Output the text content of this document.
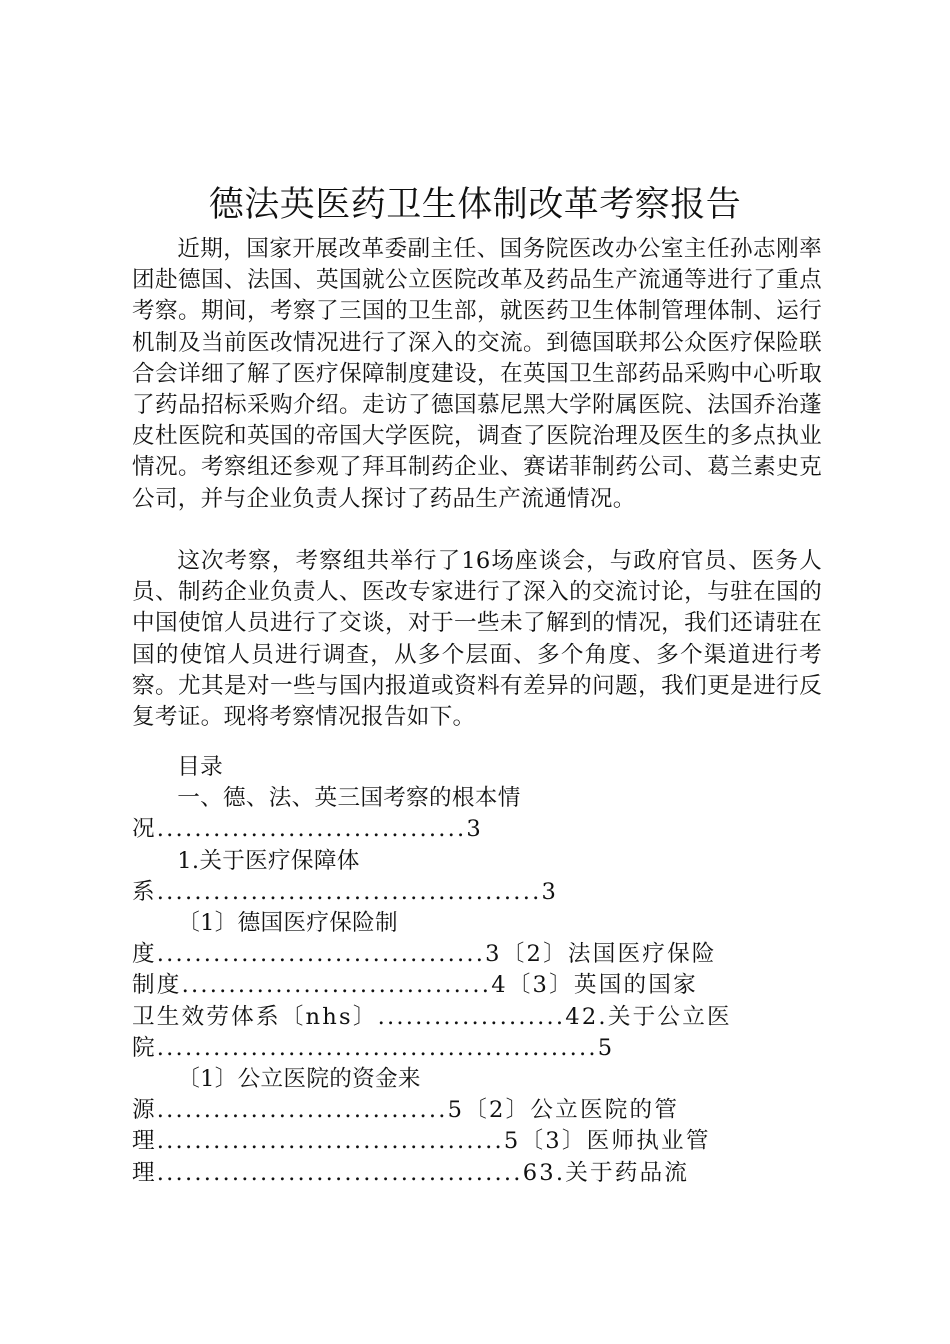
德法英医药卫生体制改革考察报告

近期，国家开展改革委副主任、国务院医改办公室主任孙志刚率团赴德国、法国、英国就公立医院改革及药品生产流通等进行了重点考察。期间，考察了三国的卫生部，就医药卫生体制管理体制、运行机制及当前医改情况进行了深入的交流。到德国联邦公众医疗保险联合会详细了解了医疗保障制度建设，在英国卫生部药品采购中心听取了药品招标采购介绍。走访了德国慕尼黑大学附属医院、法国乔治蓬皮杜医院和英国的帝国大学医院，调查了医院治理及医生的多点执业情况。考察组还参观了拜耳制药企业、赛诺菲制药公司、葛兰素史克公司，并与企业负责人探讨了药品生产流通情况。

这次考察，考察组共举行了16场座谈会，与政府官员、医务人员、制药企业负责人、医改专家进行了深入的交流讨论，与驻在国的中国使馆人员进行了交谈，对于一些未了解到的情况，我们还请驻在国的使馆人员进行调查，从多个层面、多个角度、多个渠道进行考察。尤其是对一些与国内报道或资料有差异的问题，我们更是进行反复考证。现将考察情况报告如下。

目录

一、德、法、英三国考察的根本情

况.................................3

1.关于医疗保障体

系.........................................3

〔1〕德国医疗保险制

度...................................3〔2〕法国医疗保险

制度.................................4〔3〕英国的国家

卫生效劳体系〔nhs〕....................42.关于公立医

院...............................................5

〔1〕公立医院的资金来

源...............................5〔2〕公立医院的管

理.....................................5〔3〕医师执业管

理.......................................63.关于药品流
